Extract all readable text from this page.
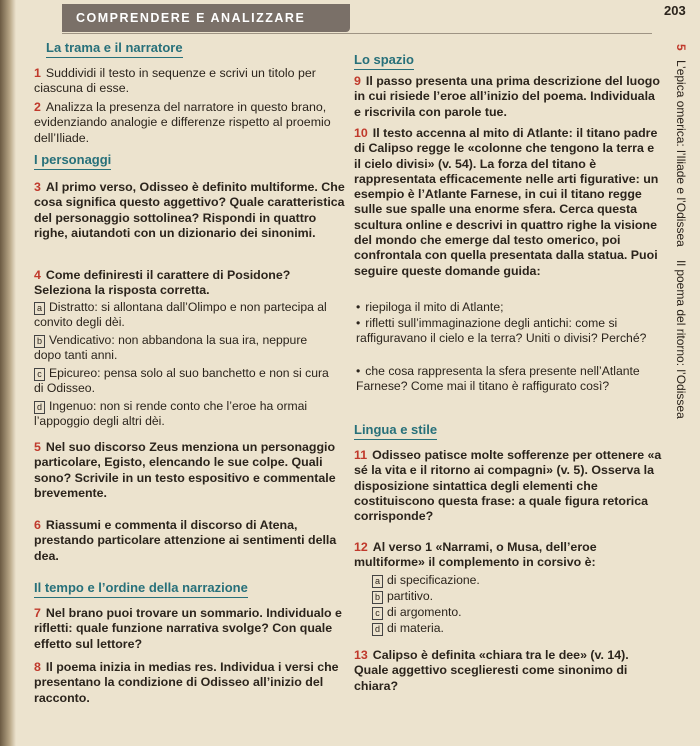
COMPRENDERE E ANALIZZARE	203
5 L’epica omerica: l’Iliade e l’Odissea Il poema del ritorno: l’Odissea
La trama e il narratore
1 Suddividi il testo in sequenze e scrivi un titolo per ciascuna di esse.
2 Analizza la presenza del narratore in questo brano, evidenziando analogie e differenze rispetto al proemio dell’Iliade.
I personaggi
3 Al primo verso, Odisseo è definito multiforme. Che cosa significa questo aggettivo? Quale caratteristica del personaggio sottolinea? Rispondi in quattro righe, aiutandoti con un dizionario dei sinonimi.
4 Come definiresti il carattere di Posidone? Seleziona la risposta corretta.
a Distratto: si allontana dall’Olimpo e non partecipa al convito degli dèi.
b Vendicativo: non abbandona la sua ira, neppure dopo tanti anni.
c Epicureo: pensa solo al suo banchetto e non si cura di Odisseo.
d Ingenuo: non si rende conto che l’eroe ha ormai l’appoggio degli altri dèi.
5 Nel suo discorso Zeus menziona un personaggio particolare, Egisto, elencando le sue colpe. Quali sono? Scrivile in un testo espositivo e commentale brevemente.
6 Riassumi e commenta il discorso di Atena, prestando particolare attenzione ai sentimenti della dea.
Il tempo e l’ordine della narrazione
7 Nel brano puoi trovare un sommario. Individualo e rifletti: quale funzione narrativa svolge? Con quale effetto sul lettore?
8 Il poema inizia in medias res. Individua i versi che presentano la condizione di Odisseo all’inizio del racconto.
Lo spazio
9 Il passo presenta una prima descrizione del luogo in cui risiede l’eroe all’inizio del poema. Individuala e riscrivila con parole tue.
10 Il testo accenna al mito di Atlante: il titano padre di Calipso regge le «colonne che tengono la terra e il cielo divisi» (v. 54). La forza del titano è rappresentata efficacemente nelle arti figurative: un esempio è l’Atlante Farnese, in cui il titano regge sulle sue spalle una enorme sfera. Cerca questa scultura online e descrivi in quattro righe la visione del mondo che emerge dal testo omerico, poi confrontala con quella presentata dalla statua. Puoi seguire queste domande guida:
• riepiloga il mito di Atlante;
• rifletti sull’immaginazione degli antichi: come si raffiguravano il cielo e la terra? Uniti o divisi? Perché?
• che cosa rappresenta la sfera presente nell’Atlante Farnese? Come mai il titano è raffigurato così?
Lingua e stile
11 Odisseo patisce molte sofferenze per ottenere «a sé la vita e il ritorno ai compagni» (v. 5). Osserva la disposizione sintattica degli elementi che costituiscono questa frase: a quale figura retorica corrisponde?
12 Al verso 1 «Narrami, o Musa, dell’eroe multiforme» il complemento in corsivo è:
a di specificazione.
b partitivo.
c di argomento.
d di materia.
13 Calipso è definita «chiara tra le dee» (v. 14). Quale aggettivo sceglieresti come sinonimo di chiara?
